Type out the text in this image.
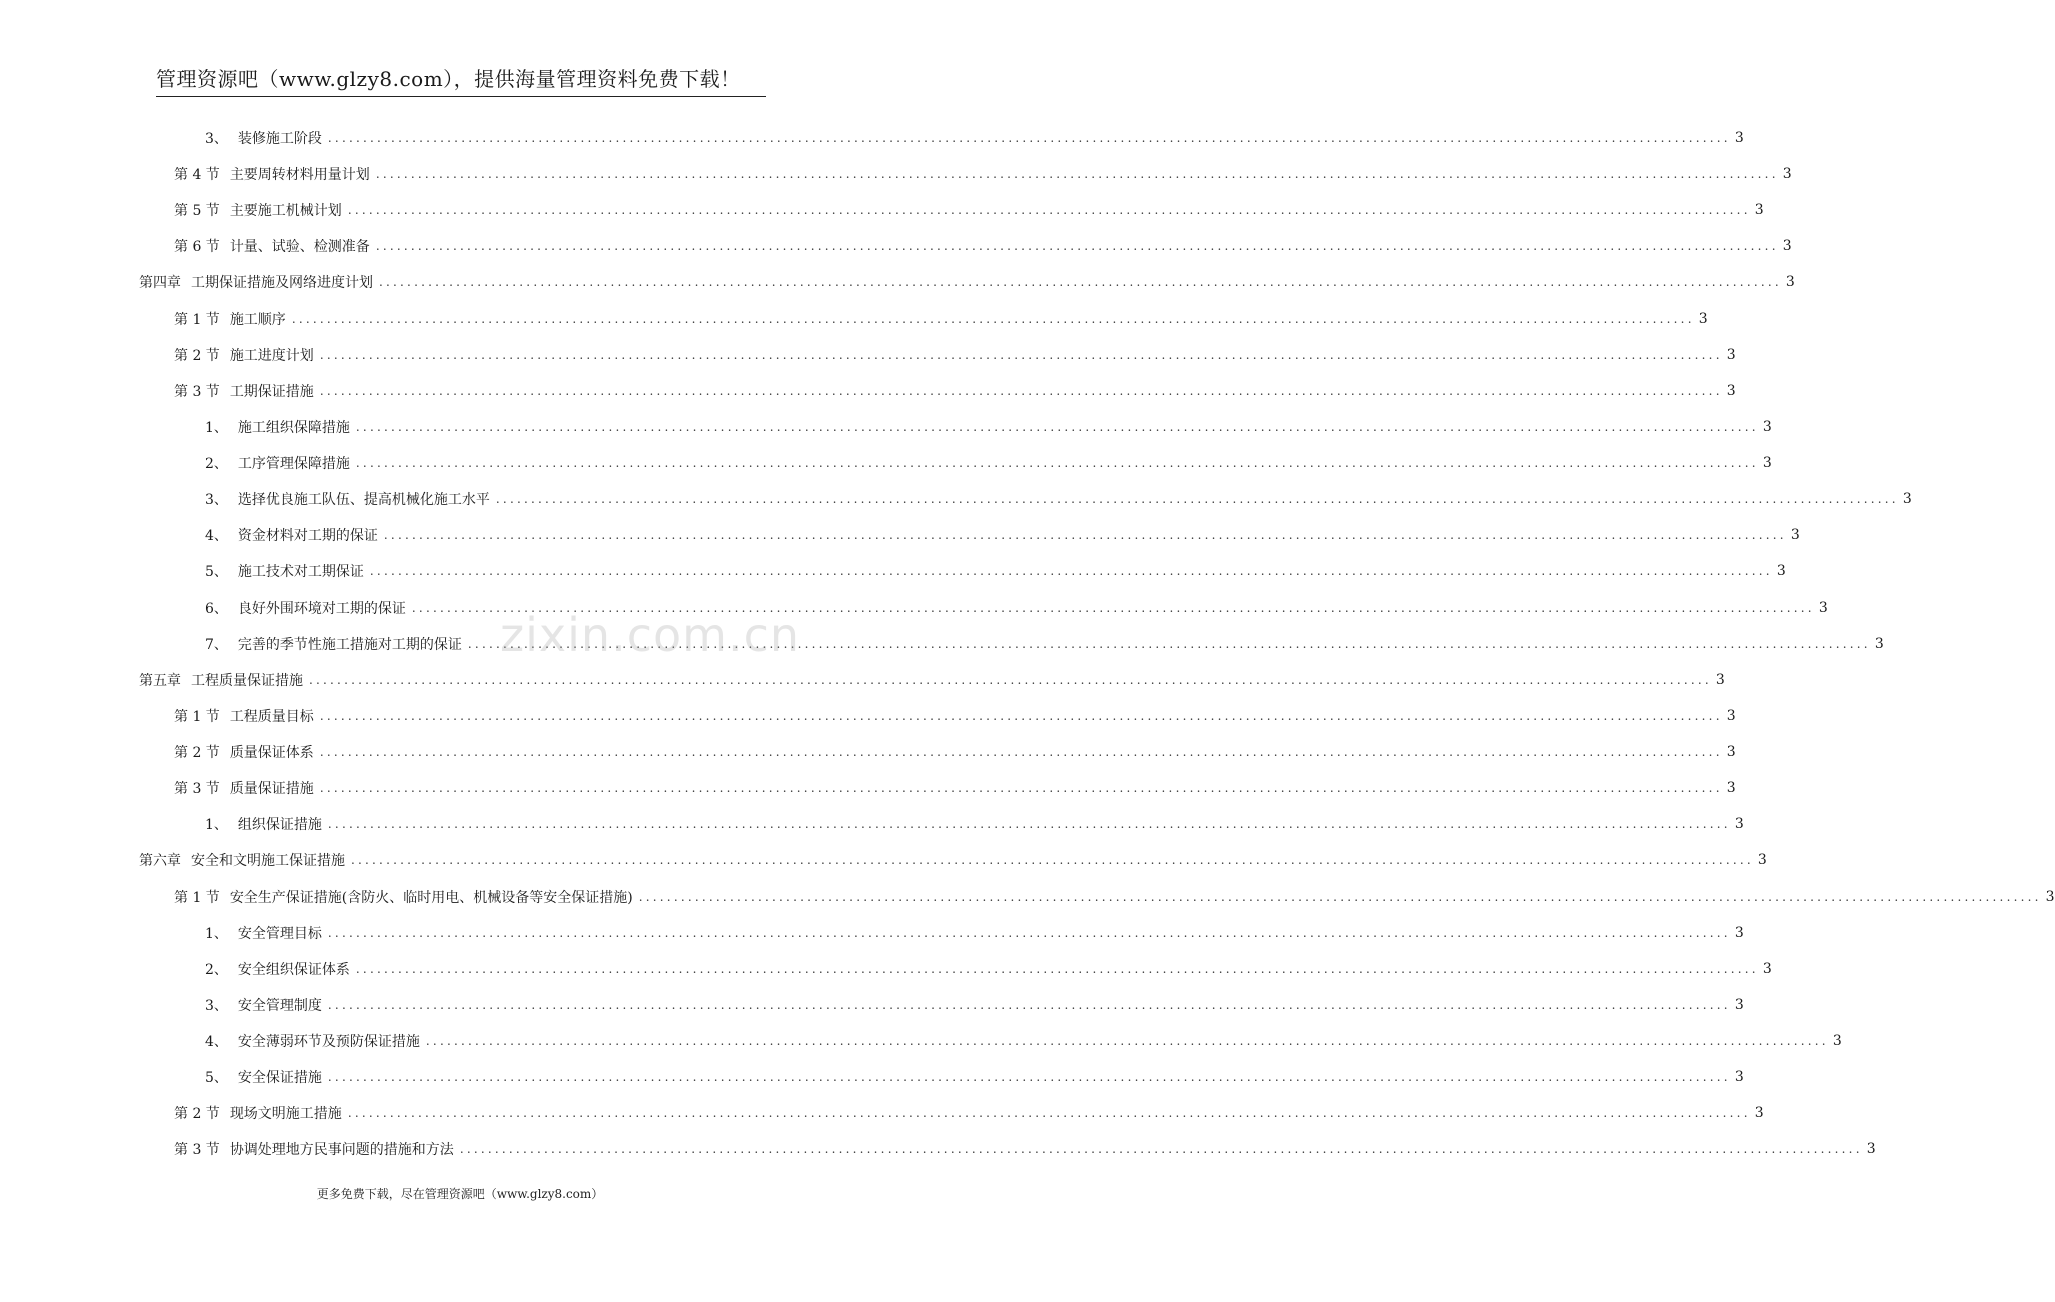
管理资源吧（www.glzy8.com），提供海量管理资料免费下载！
3、 装修施工阶段 ........................................................................................................................................................................................................ 3
第 4 节 主要周转材料用量计划 ........................................................................................................................................................................................................ 3
第 5 节 主要施工机械计划 ........................................................................................................................................................................................................ 3
第 6 节 计量、试验、检测准备 ........................................................................................................................................................................................................ 3
第四章 工期保证措施及网络进度计划 ........................................................................................................................................................................................................ 3
第 1 节 施工顺序 ........................................................................................................................................................................................................ 3
第 2 节 施工进度计划 ........................................................................................................................................................................................................ 3
第 3 节 工期保证措施 ........................................................................................................................................................................................................ 3
1、 施工组织保障措施 ........................................................................................................................................................................................................ 3
2、 工序管理保障措施 ........................................................................................................................................................................................................ 3
3、 选择优良施工队伍、提高机械化施工水平 ........................................................................................................................................................................................................ 3
4、 资金材料对工期的保证 ........................................................................................................................................................................................................ 3
5、 施工技术对工期保证 ........................................................................................................................................................................................................ 3
6、 良好外围环境对工期的保证 ........................................................................................................................................................................................................ 3
7、 完善的季节性施工措施对工期的保证 ........................................................................................................................................................................................................ 3
第五章 工程质量保证措施 ........................................................................................................................................................................................................ 3
第 1 节 工程质量目标 ........................................................................................................................................................................................................ 3
第 2 节 质量保证体系 ........................................................................................................................................................................................................ 3
第 3 节 质量保证措施 ........................................................................................................................................................................................................ 3
1、 组织保证措施 ........................................................................................................................................................................................................ 3
第六章 安全和文明施工保证措施 ........................................................................................................................................................................................................ 3
第 1 节 安全生产保证措施(含防火、临时用电、机械设备等安全保证措施) ........................................................................................................................................................................................................ 3
1、 安全管理目标 ........................................................................................................................................................................................................ 3
2、 安全组织保证体系 ........................................................................................................................................................................................................ 3
3、 安全管理制度 ........................................................................................................................................................................................................ 3
4、 安全薄弱环节及预防保证措施 ........................................................................................................................................................................................................ 3
5、 安全保证措施 ........................................................................................................................................................................................................ 3
第 2 节 现场文明施工措施 ........................................................................................................................................................................................................ 3
第 3 节 协调处理地方民事问题的措施和方法 ........................................................................................................................................................................................................ 3
zixin.com.cn
更多免费下载，尽在管理资源吧（www.glzy8.com）
